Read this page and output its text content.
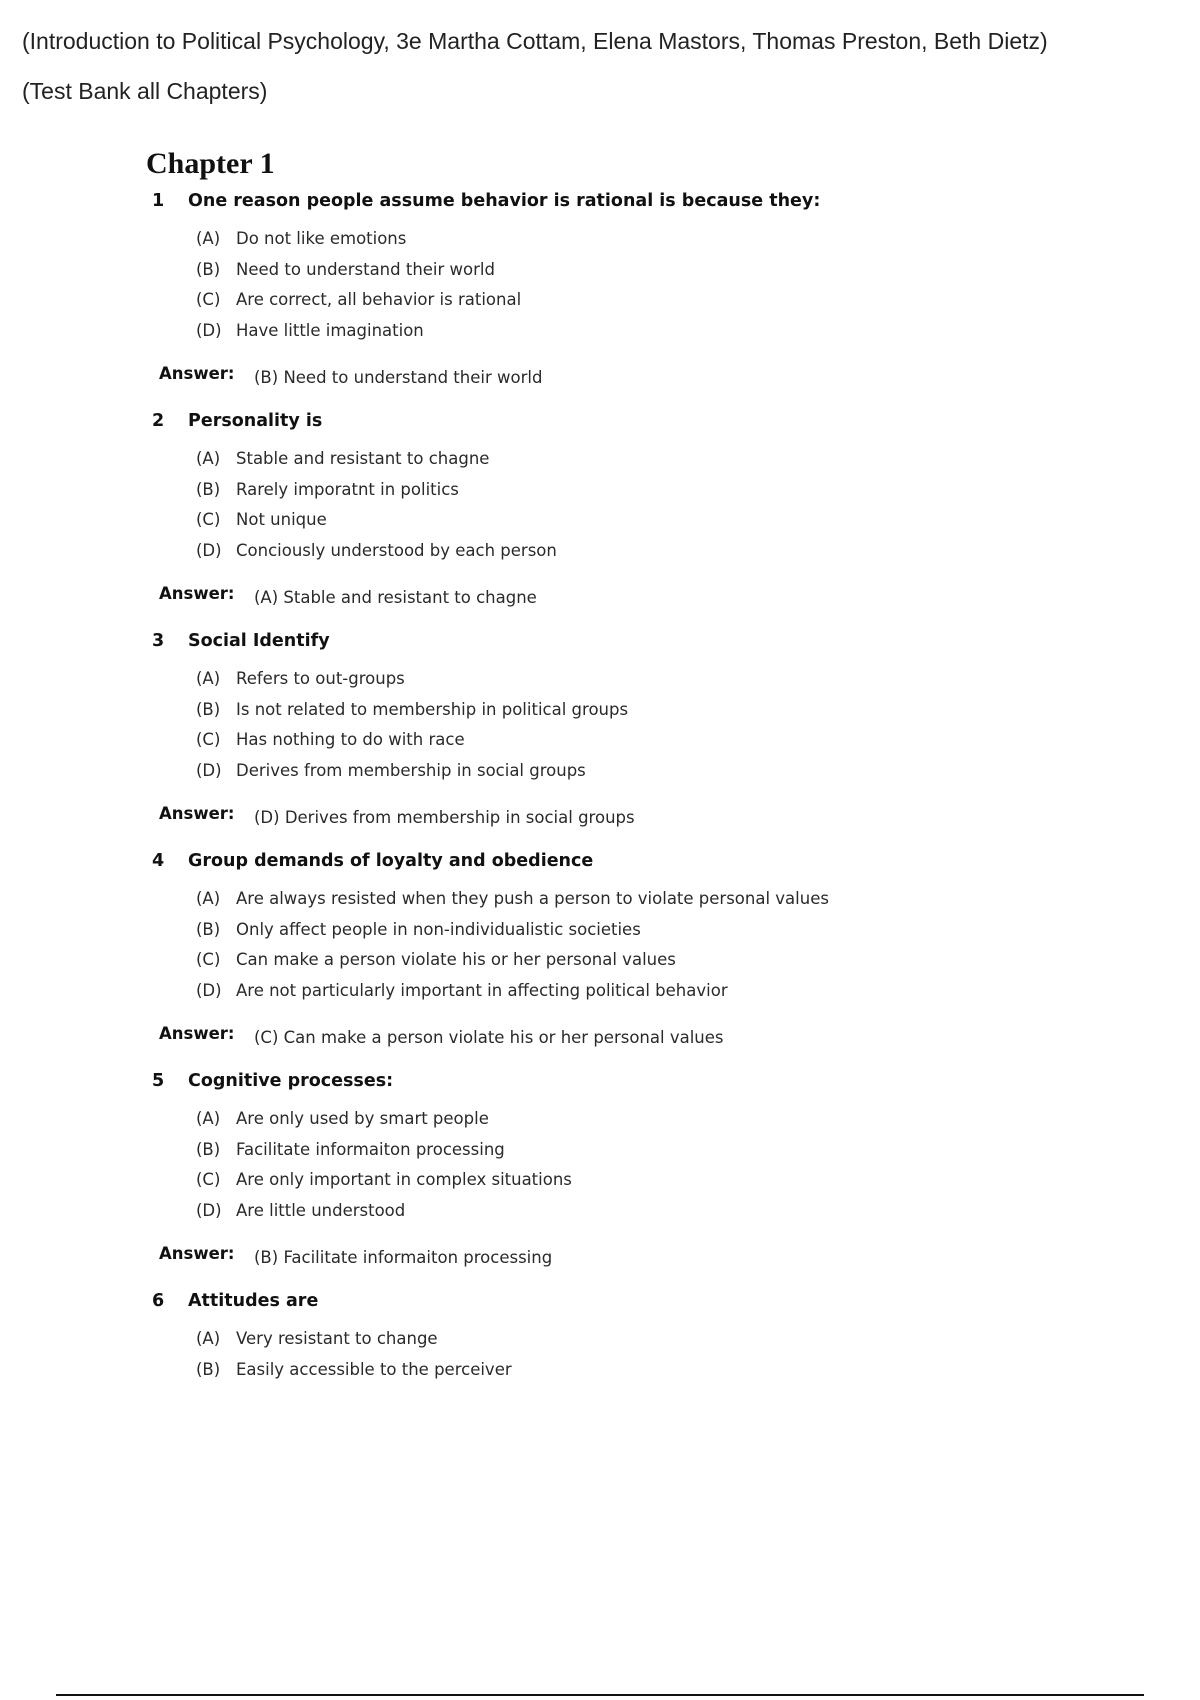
(Introduction to Political Psychology, 3e Martha Cottam, Elena Mastors, Thomas Preston, Beth Dietz)
(Test Bank all Chapters)
Chapter 1
1	One reason people assume behavior is rational is because they:
(A) Do not like emotions
(B) Need to understand their world
(C) Are correct, all behavior is rational
(D) Have little imagination
Answer:	(B) Need to understand their world
2	Personality is
(A) Stable and resistant to chagne
(B) Rarely imporatnt in politics
(C) Not unique
(D) Conciously understood by each person
Answer:	(A) Stable and resistant to chagne
3	Social Identify
(A) Refers to out-groups
(B) Is not related to membership in political groups
(C) Has nothing to do with race
(D) Derives from membership in social groups
Answer:	(D) Derives from membership in social groups
4	Group demands of loyalty and obedience
(A) Are always resisted when they push a person to violate personal values
(B) Only affect people in non-individualistic societies
(C) Can make a person violate his or her personal values
(D) Are not particularly important in affecting political behavior
Answer:	(C) Can make a person violate his or her personal values
5	Cognitive processes:
(A) Are only used by smart people
(B) Facilitate informaiton processing
(C) Are only important in complex situations
(D) Are little understood
Answer:	(B) Facilitate informaiton processing
6	Attitudes are
(A) Very resistant to change
(B) Easily accessible to the perceiver
